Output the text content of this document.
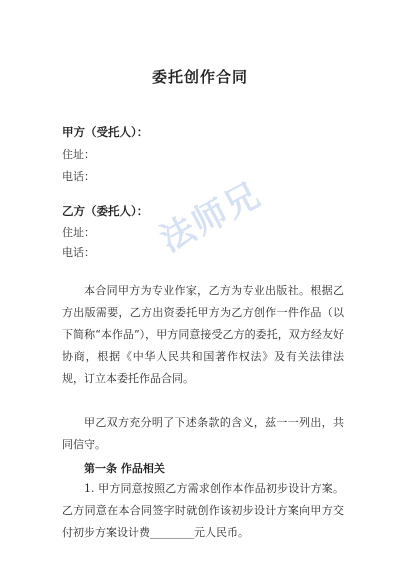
委托创作合同
甲方（受托人）：
住址：
电话：
乙方（委托人）：
住址：
电话： 法师兄
本合同甲方为专业作家，乙方为专业出版社。根据乙方出版需要，乙方出资委托甲方为乙方创作一件作品（以下简称“本作品”），甲方同意接受乙方的委托，双方经友好协商，根据《中华人民共和国著作权法》及有关法律法规，订立本委托作品合同。
甲乙双方充分明了下述条款的含义，兹一一列出，共同信守。
第一条 作品相关
1. 甲方同意按照乙方需求创作本作品初步设计方案。乙方同意在本合同签字时就创作该初步设计方案向甲方交付初步方案设计费________元人民币。
